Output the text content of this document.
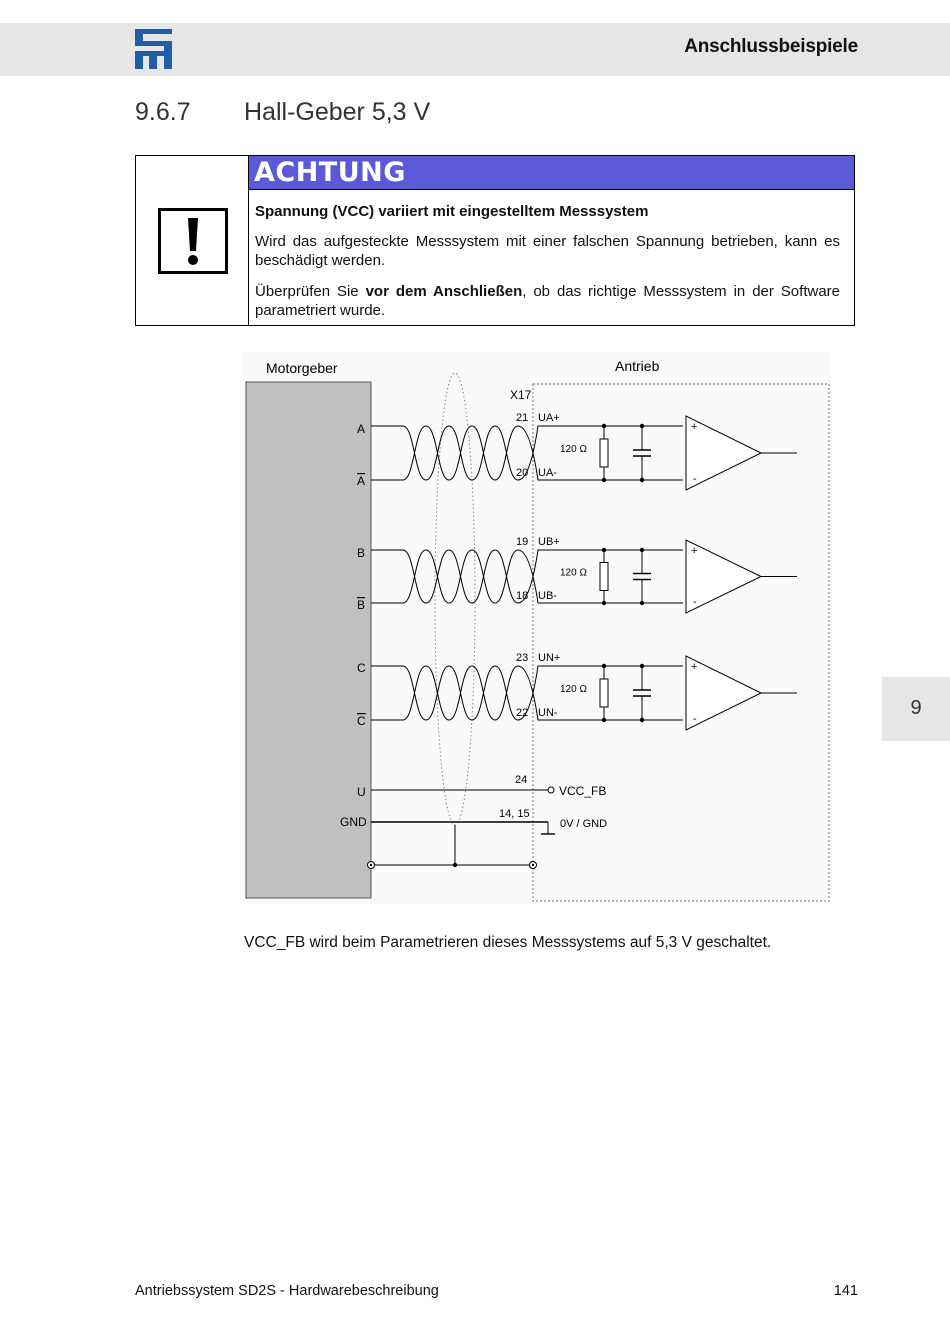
Anschlussbeispiele
9.6.7 Hall-Geber 5,3 V
ACHTUNG

Spannung (VCC) variiert mit eingestelltem Messsystem

Wird das aufgesteckte Messsystem mit einer falschen Spannung betrieben, kann es beschädigt werden.

Überprüfen Sie vor dem Anschließen, ob das richtige Messsystem in der Software parametriert wurde.

Motorgeber	Antrieb
X17
21 UA+
20 UA-
120 Ω
+
-
19 UB+
18 UB-
120 Ω
+
-
23 UN+
22 UN-
120 Ω
+
-
A
A
B
B
C
C
U
GND
24
VCC_FB
14, 15
0V / GND
VCC_FB wird beim Parametrieren dieses Messsystems auf 5,3 V geschaltet.
9
Antriebssystem SD2S - Hardwarebeschreibung	141
